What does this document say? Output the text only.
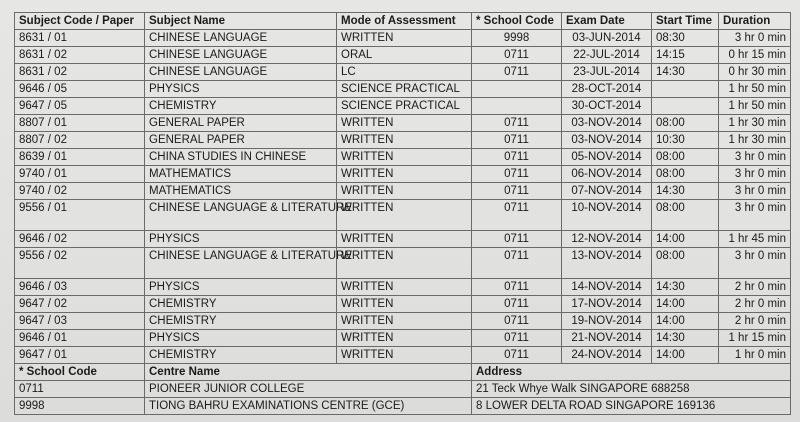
Subject Code / Paper	Subject Name	Mode of Assessment	* School Code	Exam Date	Start Time	Duration
8631 / 01	CHINESE LANGUAGE	WRITTEN	9998	03-JUN-2014	08:30	3 hr 0 min
8631 / 02	CHINESE LANGUAGE	ORAL	0711	22-JUL-2014	14:15	0 hr 15 min
8631 / 02	CHINESE LANGUAGE	LC	0711	23-JUL-2014	14:30	0 hr 30 min
9646 / 05	PHYSICS	SCIENCE PRACTICAL		28-OCT-2014		1 hr 50 min
9647 / 05	CHEMISTRY	SCIENCE PRACTICAL		30-OCT-2014		1 hr 50 min
8807 / 01	GENERAL PAPER	WRITTEN	0711	03-NOV-2014	08:00	1 hr 30 min
8807 / 02	GENERAL PAPER	WRITTEN	0711	03-NOV-2014	10:30	1 hr 30 min
8639 / 01	CHINA STUDIES IN CHINESE	WRITTEN	0711	05-NOV-2014	08:00	3 hr 0 min
9740 / 01	MATHEMATICS	WRITTEN	0711	06-NOV-2014	08:00	3 hr 0 min
9740 / 02	MATHEMATICS	WRITTEN	0711	07-NOV-2014	14:30	3 hr 0 min
9556 / 01	CHINESE LANGUAGE & LITERATURE	WRITTEN	0711	10-NOV-2014	08:00	3 hr 0 min
9646 / 02	PHYSICS	WRITTEN	0711	12-NOV-2014	14:00	1 hr 45 min
9556 / 02	CHINESE LANGUAGE & LITERATURE	WRITTEN	0711	13-NOV-2014	08:00	3 hr 0 min
9646 / 03	PHYSICS	WRITTEN	0711	14-NOV-2014	14:30	2 hr 0 min
9647 / 02	CHEMISTRY	WRITTEN	0711	17-NOV-2014	14:00	2 hr 0 min
9647 / 03	CHEMISTRY	WRITTEN	0711	19-NOV-2014	14:00	2 hr 0 min
9646 / 01	PHYSICS	WRITTEN	0711	21-NOV-2014	14:30	1 hr 15 min
9647 / 01	CHEMISTRY	WRITTEN	0711	24-NOV-2014	14:00	1 hr 0 min
* School Code	Centre Name		Address			
0711	PIONEER JUNIOR COLLEGE		21 Teck Whye Walk SINGAPORE 688258			
9998	TIONG BAHRU EXAMINATIONS CENTRE (GCE)		8 LOWER DELTA ROAD SINGAPORE 169136			
